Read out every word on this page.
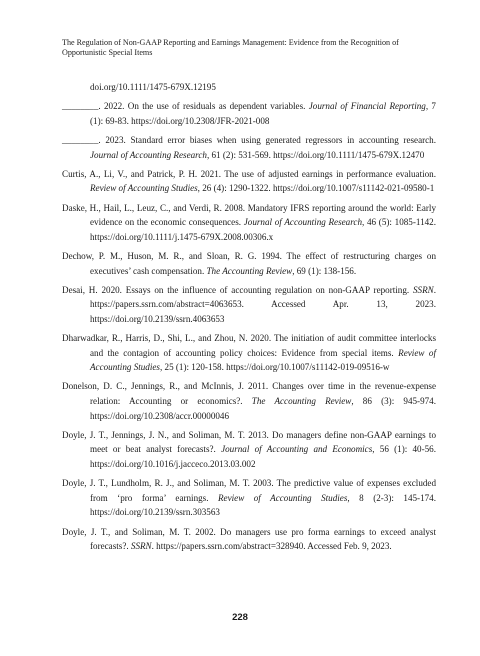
The Regulation of Non-GAAP Reporting and Earnings Management: Evidence from the Recognition of Opportunistic Special Items

doi.org/10.1111/1475-679X.12195

________. 2022. On the use of residuals as dependent variables. Journal of Financial Reporting, 7 (1): 69-83. https://doi.org/10.2308/JFR-2021-008

________. 2023. Standard error biases when using generated regressors in accounting research. Journal of Accounting Research, 61 (2): 531-569. https://doi.org/10.1111/1475-679X.12470

Curtis, A., Li, V., and Patrick, P. H. 2021. The use of adjusted earnings in performance evaluation. Review of Accounting Studies, 26 (4): 1290-1322. https://doi.org/10.1007/s11142-021-09580-1

Daske, H., Hail, L., Leuz, C., and Verdi, R. 2008. Mandatory IFRS reporting around the world: Early evidence on the economic consequences. Journal of Accounting Research, 46 (5): 1085-1142. https://doi.org/10.1111/j.1475-679X.2008.00306.x

Dechow, P. M., Huson, M. R., and Sloan, R. G. 1994. The effect of restructuring charges on executives’ cash compensation. The Accounting Review, 69 (1): 138-156.

Desai, H. 2020. Essays on the influence of accounting regulation on non-GAAP reporting. SSRN. https://papers.ssrn.com/abstract=4063653. Accessed Apr. 13, 2023. https://doi.org/10.2139/ssrn.4063653

Dharwadkar, R., Harris, D., Shi, L., and Zhou, N. 2020. The initiation of audit committee interlocks and the contagion of accounting policy choices: Evidence from special items. Review of Accounting Studies, 25 (1): 120-158. https://doi.org/10.1007/s11142-019-09516-w

Donelson, D. C., Jennings, R., and McInnis, J. 2011. Changes over time in the revenue-expense relation: Accounting or economics?. The Accounting Review, 86 (3): 945-974. https://doi.org/10.2308/accr.00000046

Doyle, J. T., Jennings, J. N., and Soliman, M. T. 2013. Do managers define non-GAAP earnings to meet or beat analyst forecasts?. Journal of Accounting and Economics, 56 (1): 40-56. https://doi.org/10.1016/j.jacceco.2013.03.002

Doyle, J. T., Lundholm, R. J., and Soliman, M. T. 2003. The predictive value of expenses excluded from ‘pro forma’ earnings. Review of Accounting Studies, 8 (2-3): 145-174. https://doi.org/10.2139/ssrn.303563

Doyle, J. T., and Soliman, M. T. 2002. Do managers use pro forma earnings to exceed analyst forecasts?. SSRN. https://papers.ssrn.com/abstract=328940. Accessed Feb. 9, 2023.

228
